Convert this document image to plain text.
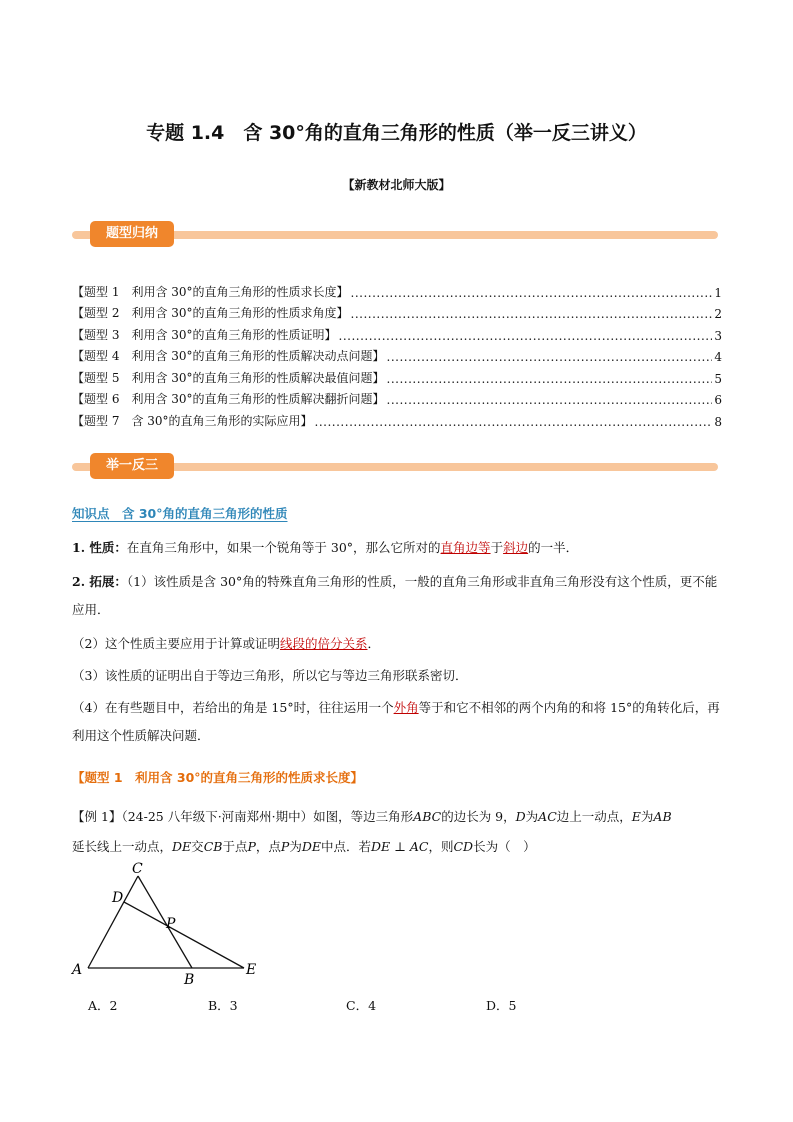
专题 1.4　含 30°角的直角三角形的性质（举一反三讲义）
【新教材北师大版】
题型归纳
【题型 1　利用含 30°的直角三角形的性质求长度】 .....	1
【题型 2　利用含 30°的直角三角形的性质求角度】 .....	2
【题型 3　利用含 30°的直角三角形的性质证明】 .....	3
【题型 4　利用含 30°的直角三角形的性质解决动点问题】 .....	4
【题型 5　利用含 30°的直角三角形的性质解决最值问题】 .....	5
【题型 6　利用含 30°的直角三角形的性质解决翻折问题】 .....	6
【题型 7　含 30°的直角三角形的实际应用】 .....	8
举一反三
知识点　含 30°角的直角三角形的性质
1. 性质：在直角三角形中，如果一个锐角等于 30°，那么它所对的直角边等于斜边的一半．
2. 拓展：（1）该性质是含 30°角的特殊直角三角形的性质，一般的直角三角形或非直角三角形没有这个性质，更不能应用．
（2）这个性质主要应用于计算或证明线段的倍分关系．
（3）该性质的证明出自于等边三角形，所以它与等边三角形联系密切．
（4）在有些题目中，若给出的角是 15°时，往往运用一个外角等于和它不相邻的两个内角的和将 15°的角转化后，再利用这个性质解决问题．
【题型 1　利用含 30°的直角三角形的性质求长度】
【例 1】（24-25 八年级下·河南郑州·期中）如图，等边三角形ABC的边长为 9，D为AC边上一动点，E为AB
延长线上一动点，DE交CB于点P，点P为DE中点．若DE ⊥ AC，则CD长为（　）
C
D
P
A
B
E
A．2	B．3	C．4	D．5
